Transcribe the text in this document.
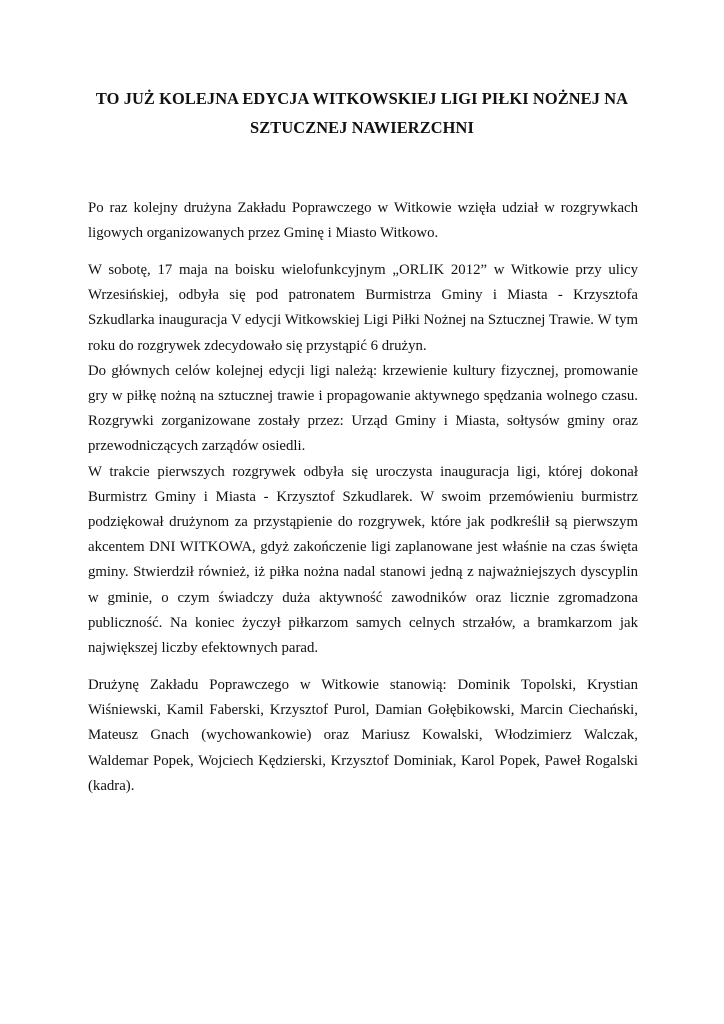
TO JUŻ KOLEJNA EDYCJA WITKOWSKIEJ LIGI PIŁKI NOŻNEJ NA SZTUCZNEJ NAWIERZCHNI

Po raz kolejny drużyna Zakładu Poprawczego w Witkowie wzięła udział w rozgrywkach ligowych organizowanych przez Gminę i Miasto Witkowo.

W sobotę, 17 maja na boisku wielofunkcyjnym „ORLIK 2012” w Witkowie przy ulicy Wrzesińskiej, odbyła się pod patronatem Burmistrza Gminy i Miasta - Krzysztofa Szkudlarka inauguracja V edycji Witkowskiej Ligi Piłki Nożnej na Sztucznej Trawie. W tym roku do rozgrywek zdecydowało się przystąpić 6 drużyn.
Do głównych celów kolejnej edycji ligi należą: krzewienie kultury fizycznej, promowanie gry w piłkę nożną na sztucznej trawie i propagowanie aktywnego spędzania wolnego czasu. Rozgrywki zorganizowane zostały przez: Urząd Gminy i Miasta, sołtysów gminy oraz przewodniczących zarządów osiedli.
W trakcie pierwszych rozgrywek odbyła się uroczysta inauguracja ligi, której dokonał Burmistrz Gminy i Miasta - Krzysztof Szkudlarek. W swoim przemówieniu burmistrz podziękował drużynom za przystąpienie do rozgrywek, które jak podkreślił są pierwszym akcentem DNI WITKOWA, gdyż zakończenie ligi zaplanowane jest właśnie na czas święta gminy. Stwierdził również, iż piłka nożna nadal stanowi jedną z najważniejszych dyscyplin w gminie, o czym świadczy duża aktywność zawodników oraz licznie zgromadzona publiczność. Na koniec życzył piłkarzom samych celnych strzałów, a bramkarzom jak największej liczby efektownych parad.

Drużynę Zakładu Poprawczego w Witkowie stanowią: Dominik Topolski, Krystian Wiśniewski, Kamil Faberski, Krzysztof Purol, Damian Gołębikowski, Marcin Ciechański, Mateusz Gnach (wychowankowie) oraz Mariusz Kowalski, Włodzimierz Walczak, Waldemar Popek, Wojciech Kędzierski, Krzysztof Dominiak, Karol Popek, Paweł Rogalski (kadra).
